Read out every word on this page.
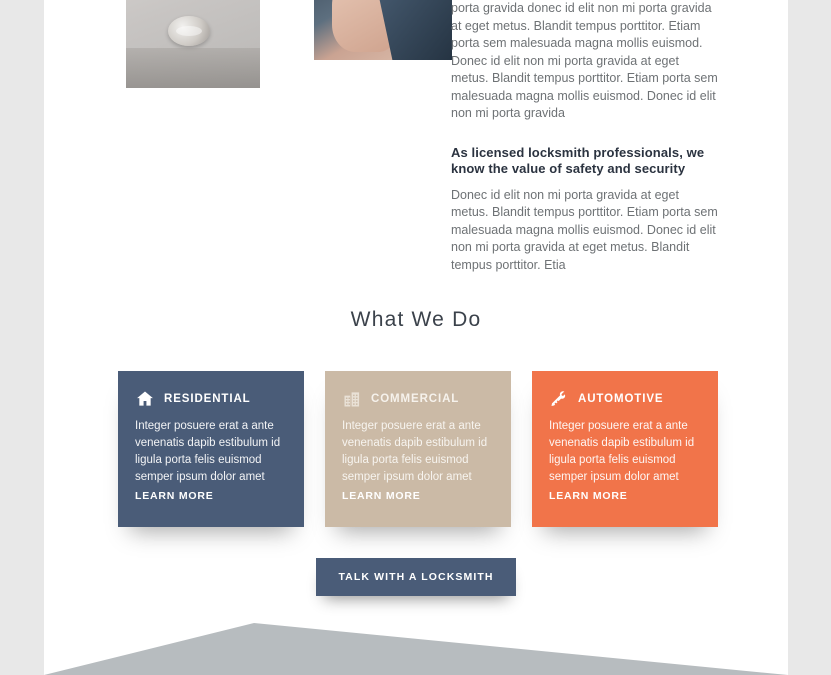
porta gravida donec id elit non mi porta gravida at eget metus. Blandit tempus porttitor. Etiam porta sem malesuada magna mollis euismod. Donec id elit non mi porta gravida at eget metus. Blandit tempus porttitor. Etiam porta sem malesuada magna mollis euismod. Donec id elit non mi porta gravida

As licensed locksmith professionals, we know the value of safety and security

Donec id elit non mi porta gravida at eget metus. Blandit tempus porttitor. Etiam porta sem malesuada magna mollis euismod. Donec id elit non mi porta gravida at eget metus. Blandit tempus porttitor. Etia

What We Do
RESIDENTIAL

Integer posuere erat a ante venenatis dapib estibulum id ligula porta felis euismod semper ipsum dolor amet

LEARN MORE
COMMERCIAL

Integer posuere erat a ante venenatis dapib estibulum id ligula porta felis euismod semper ipsum dolor amet

LEARN MORE
AUTOMOTIVE

Integer posuere erat a ante venenatis dapib estibulum id ligula porta felis euismod semper ipsum dolor amet

LEARN MORE
TALK WITH A LOCKSMITH
